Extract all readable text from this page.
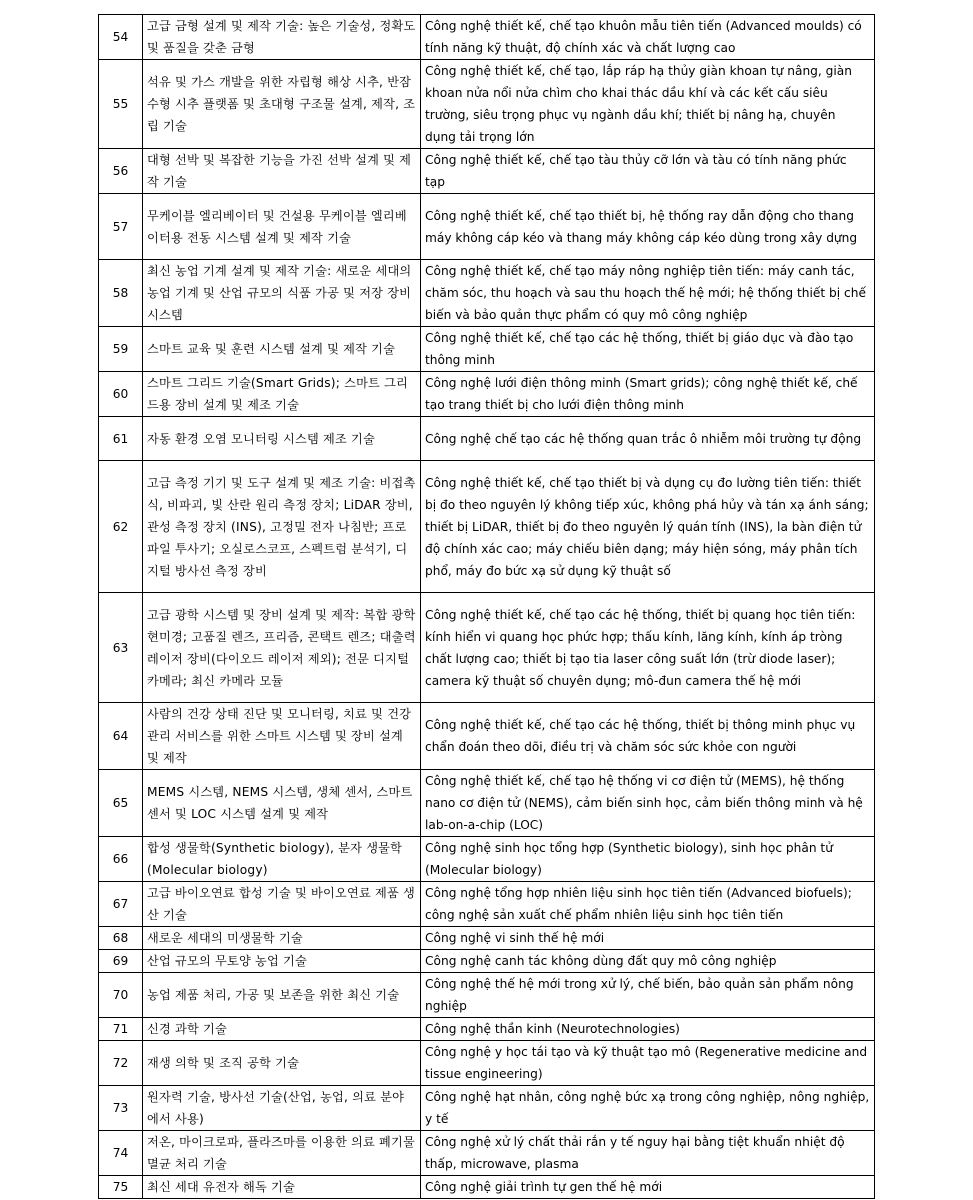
54	고급 금형 설계 및 제작 기술: 높은 기술성, 정확도 및 품질을 갖춘 금형	Công nghệ thiết kế, chế tạo khuôn mẫu tiên tiến (Advanced moulds) có tính năng kỹ thuật, độ chính xác và chất lượng cao
55	석유 및 가스 개발을 위한 자립형 해상 시추, 반잠수형 시추 플랫폼 및 초대형 구조물 설계, 제작, 조립 기술	Công nghệ thiết kế, chế tạo, lắp ráp hạ thủy giàn khoan tự nâng, giàn khoan nửa nổi nửa chìm cho khai thác dầu khí và các kết cấu siêu trường, siêu trọng phục vụ ngành dầu khí; thiết bị nâng hạ, chuyên dụng tải trọng lớn
56	대형 선박 및 복잡한 기능을 가진 선박 설계 및 제작 기술	Công nghệ thiết kế, chế tạo tàu thủy cỡ lớn và tàu có tính năng phức tạp
57	무케이블 엘리베이터 및 건설용 무케이블 엘리베이터용 전동 시스템 설계 및 제작 기술	Công nghệ thiết kế, chế tạo thiết bị, hệ thống ray dẫn động cho thang máy không cáp kéo và thang máy không cáp kéo dùng trong xây dựng
58	최신 농업 기계 설계 및 제작 기술: 새로운 세대의 농업 기계 및 산업 규모의 식품 가공 및 저장 장비 시스템	Công nghệ thiết kế, chế tạo máy nông nghiệp tiên tiến: máy canh tác, chăm sóc, thu hoạch và sau thu hoạch thế hệ mới; hệ thống thiết bị chế biến và bảo quản thực phẩm có quy mô công nghiệp
59	스마트 교육 및 훈련 시스템 설계 및 제작 기술	Công nghệ thiết kế, chế tạo các hệ thống, thiết bị giáo dục và đào tạo thông minh
60	스마트 그리드 기술(Smart Grids); 스마트 그리드용 장비 설계 및 제조 기술	Công nghệ lưới điện thông minh (Smart grids); công nghệ thiết kế, chế tạo trang thiết bị cho lưới điện thông minh
61	자동 환경 오염 모니터링 시스템 제조 기술	Công nghệ chế tạo các hệ thống quan trắc ô nhiễm môi trường tự động
62	고급 측정 기기 및 도구 설계 및 제조 기술: 비접촉식, 비파괴, 빛 산란 원리 측정 장치; LiDAR 장비, 관성 측정 장치 (INS), 고정밀 전자 나침반; 프로파일 투사기; 오실로스코프, 스펙트럼 분석기, 디지털 방사선 측정 장비	Công nghệ thiết kế, chế tạo thiết bị và dụng cụ đo lường tiên tiến: thiết bị đo theo nguyên lý không tiếp xúc, không phá hủy và tán xạ ánh sáng; thiết bị LiDAR, thiết bị đo theo nguyên lý quán tính (INS), la bàn điện tử độ chính xác cao; máy chiếu biên dạng; máy hiện sóng, máy phân tích phổ, máy đo bức xạ sử dụng kỹ thuật số
63	고급 광학 시스템 및 장비 설계 및 제작: 복합 광학 현미경; 고품질 렌즈, 프리즘, 콘택트 렌즈; 대출력 레이저 장비(다이오드 레이저 제외); 전문 디지털 카메라; 최신 카메라 모듈	Công nghệ thiết kế, chế tạo các hệ thống, thiết bị quang học tiên tiến: kính hiển vi quang học phức hợp; thấu kính, lăng kính, kính áp tròng chất lượng cao; thiết bị tạo tia laser công suất lớn (trừ diode laser); camera kỹ thuật số chuyên dụng; mô-đun camera thế hệ mới
64	사람의 건강 상태 진단 및 모니터링, 치료 및 건강 관리 서비스를 위한 스마트 시스템 및 장비 설계 및 제작	Công nghệ thiết kế, chế tạo các hệ thống, thiết bị thông minh phục vụ chẩn đoán theo dõi, điều trị và chăm sóc sức khỏe con người
65	MEMS 시스템, NEMS 시스템, 생체 센서, 스마트 센서 및 LOC 시스템 설계 및 제작	Công nghệ thiết kế, chế tạo hệ thống vi cơ điện tử (MEMS), hệ thống nano cơ điện tử (NEMS), cảm biến sinh học, cảm biến thông minh và hệ lab-on-a-chip (LOC)
66	합성 생물학(Synthetic biology), 분자 생물학(Molecular biology)	Công nghệ sinh học tổng hợp (Synthetic biology), sinh học phân tử (Molecular biology)
67	고급 바이오연료 합성 기술 및 바이오연료 제품 생산 기술	Công nghệ tổng hợp nhiên liệu sinh học tiên tiến (Advanced biofuels); công nghệ sản xuất chế phẩm nhiên liệu sinh học tiên tiến
68	새로운 세대의 미생물학 기술	Công nghệ vi sinh thế hệ mới
69	산업 규모의 무토양 농업 기술	Công nghệ canh tác không dùng đất quy mô công nghiệp
70	농업 제품 처리, 가공 및 보존을 위한 최신 기술	Công nghệ thế hệ mới trong xử lý, chế biến, bảo quản sản phẩm nông nghiệp
71	신경 과학 기술	Công nghệ thần kinh (Neurotechnologies)
72	재생 의학 및 조직 공학 기술	Công nghệ y học tái tạo và kỹ thuật tạo mô (Regenerative medicine and tissue engineering)
73	원자력 기술, 방사선 기술(산업, 농업, 의료 분야에서 사용)	Công nghệ hạt nhân, công nghệ bức xạ trong công nghiệp, nông nghiệp, y tế
74	저온, 마이크로파, 플라즈마를 이용한 의료 폐기물 멸균 처리 기술	Công nghệ xử lý chất thải rắn y tế nguy hại bằng tiệt khuẩn nhiệt độ thấp, microwave, plasma
75	최신 세대 유전자 해독 기술	Công nghệ giải trình tự gen thế hệ mới
